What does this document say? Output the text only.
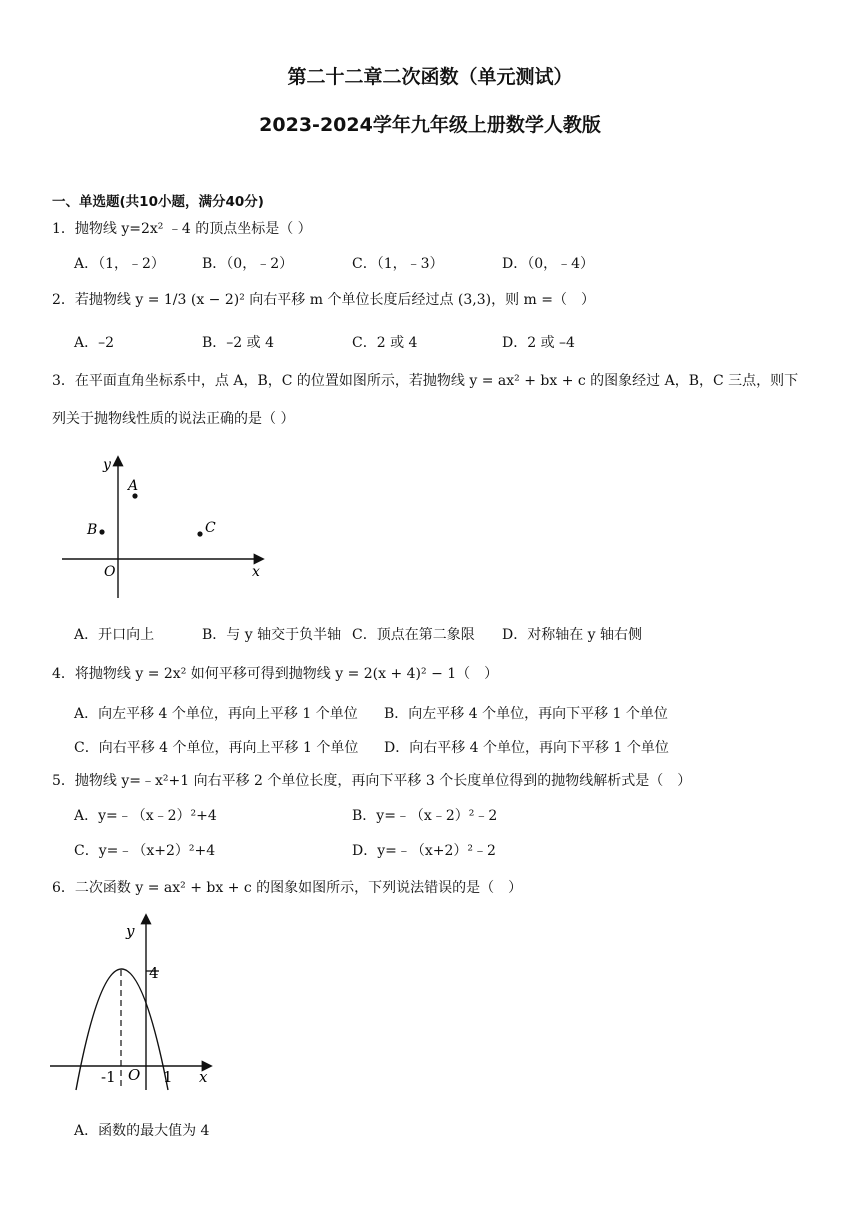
第二十二章二次函数（单元测试）
2023-2024学年九年级上册数学人教版
一、单选题(共10小题，满分40分)
1．抛物线 y=2x² ﹣4 的顶点坐标是（ ）
A．（1，﹣2）	B．（0，﹣2）	C．（1，﹣3）	D．（0，﹣4）
2．若抛物线 y = 1/3 (x − 2)² 向右平移 m 个单位长度后经过点 (3,3)，则 m =（　）
A．–2	B．–2 或 4	C．2 或 4	D．2 或 –4
3．在平面直角坐标系中，点 A，B，C 的位置如图所示，若抛物线 y = ax² + bx + c 的图象经过 A，B，C 三点，则下
列关于抛物线性质的说法正确的是（ ）
y
x
O
A
B	C
A．开口向上	B．与 y 轴交于负半轴 C．顶点在第二象限 D．对称轴在 y 轴右侧
4．将抛物线 y = 2x² 如何平移可得到抛物线 y = 2(x + 4)² − 1（　）
A．向左平移 4 个单位，再向上平移 1 个单位 B．向左平移 4 个单位，再向下平移 1 个单位
C．向右平移 4 个单位，再向上平移 1 个单位 D．向右平移 4 个单位，再向下平移 1 个单位
5．抛物线 y=﹣x²+1 向右平移 2 个单位长度，再向下平移 3 个长度单位得到的抛物线解析式是（　）
A．y=﹣（x﹣2）²+4	B．y=﹣（x﹣2）²﹣2
C．y=﹣（x+2）²+4	D．y=﹣（x+2）²﹣2
6．二次函数 y = ax² + bx + c 的图象如图所示，下列说法错误的是（　）
4
y
x
-1 O 1
A．函数的最大值为 4
